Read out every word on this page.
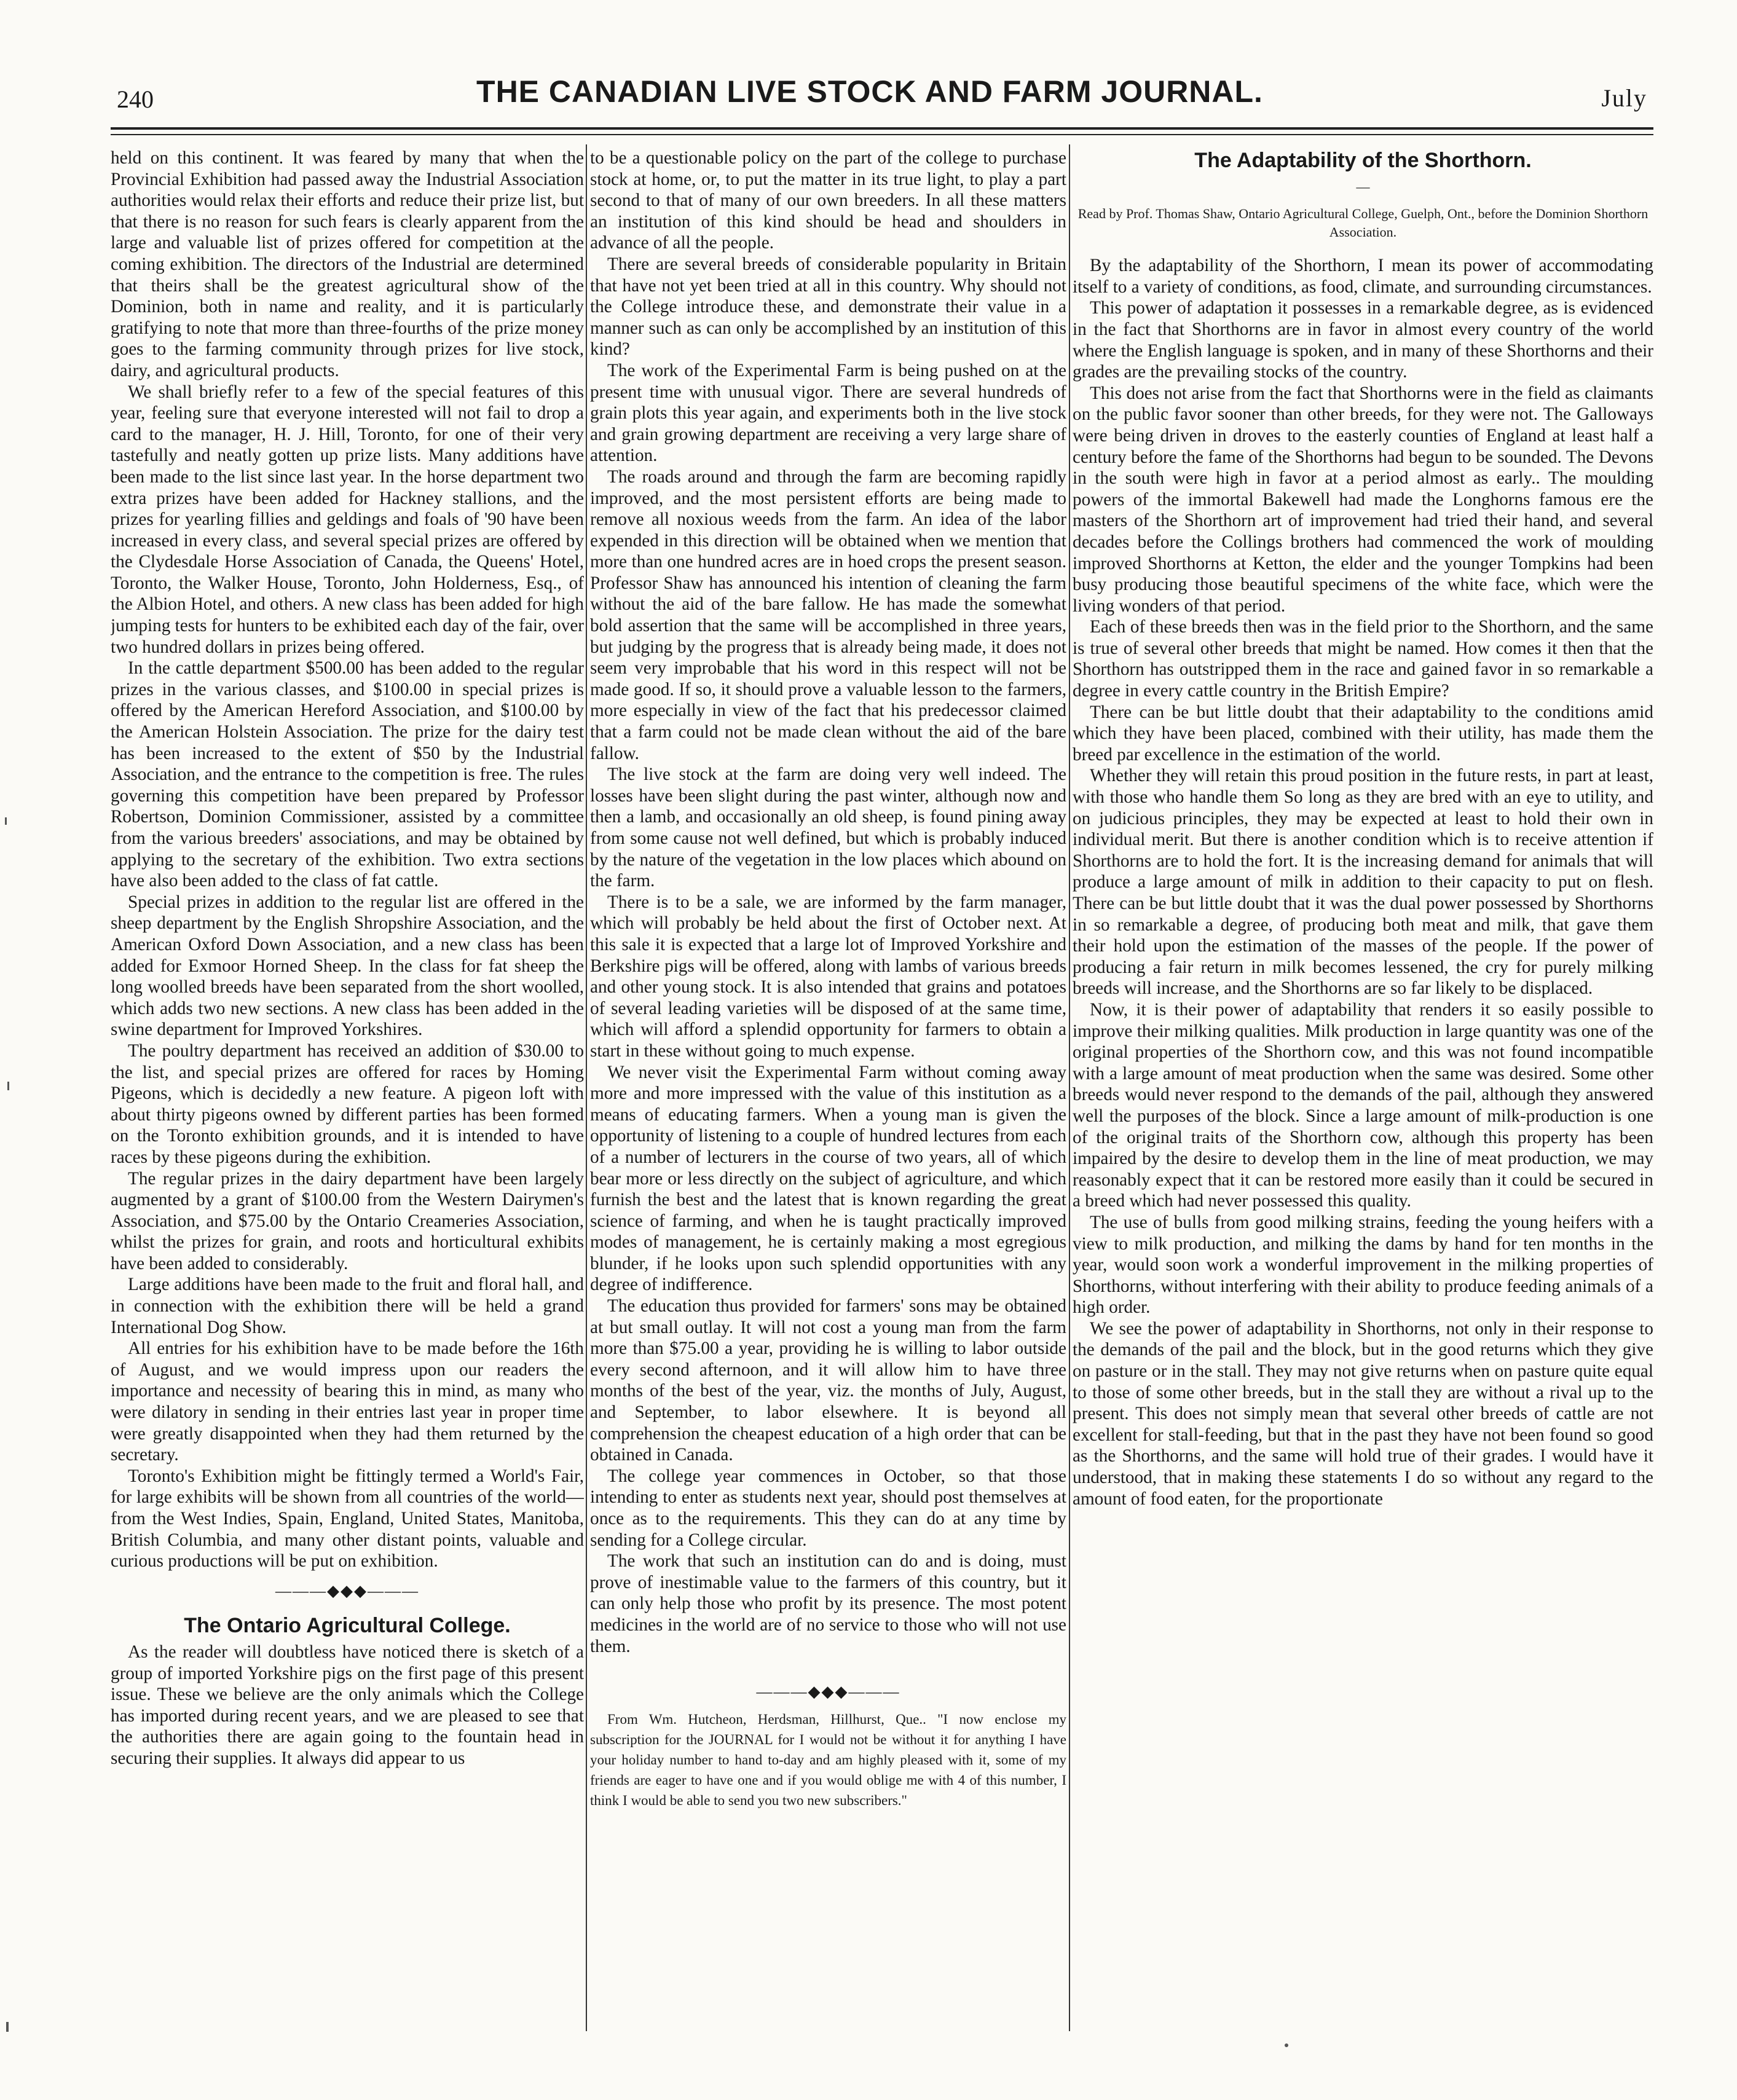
240	THE CANADIAN LIVE STOCK AND FARM JOURNAL.	July

held on this continent. It was feared by many that when the Provincial Exhibition had passed away the Industrial Association authorities would relax their efforts and reduce their prize list, but that there is no reason for such fears is clearly apparent from the large and valuable list of prizes offered for competition at the coming exhibition. The directors of the Industrial are determined that theirs shall be the greatest agricultural show of the Dominion, both in name and reality, and it is particularly gratifying to note that more than three-fourths of the prize money goes to the farming community through prizes for live stock, dairy, and agricultural products.

We shall briefly refer to a few of the special features of this year, feeling sure that everyone interested will not fail to drop a card to the manager, H. J. Hill, Toronto, for one of their very tastefully and neatly gotten up prize lists. Many additions have been made to the list since last year. In the horse department two extra prizes have been added for Hackney stallions, and the prizes for yearling fillies and geldings and foals of '90 have been increased in every class, and several special prizes are offered by the Clydesdale Horse Association of Canada, the Queens' Hotel, Toronto, the Walker House, Toronto, John Holderness, Esq., of the Albion Hotel, and others. A new class has been added for high jumping tests for hunters to be exhibited each day of the fair, over two hundred dollars in prizes being offered.

In the cattle department $500.00 has been added to the regular prizes in the various classes, and $100.00 in special prizes is offered by the American Hereford Association, and $100.00 by the American Holstein Association. The prize for the dairy test has been increased to the extent of $50 by the Industrial Association, and the entrance to the competition is free. The rules governing this competition have been prepared by Professor Robertson, Dominion Commissioner, assisted by a committee from the various breeders' associations, and may be obtained by applying to the secretary of the exhibition. Two extra sections have also been added to the class of fat cattle.

Special prizes in addition to the regular list are offered in the sheep department by the English Shropshire Association, and the American Oxford Down Association, and a new class has been added for Exmoor Horned Sheep. In the class for fat sheep the long woolled breeds have been separated from the short woolled, which adds two new sections. A new class has been added in the swine department for Improved Yorkshires.

The poultry department has received an addition of $30.00 to the list, and special prizes are offered for races by Homing Pigeons, which is decidedly a new feature. A pigeon loft with about thirty pigeons owned by different parties has been formed on the Toronto exhibition grounds, and it is intended to have races by these pigeons during the exhibition.

The regular prizes in the dairy department have been largely augmented by a grant of $100.00 from the Western Dairymen's Association, and $75.00 by the Ontario Creameries Association, whilst the prizes for grain, and roots and horticultural exhibits have been added to considerably.

Large additions have been made to the fruit and floral hall, and in connection with the exhibition there will be held a grand International Dog Show.

All entries for his exhibition have to be made before the 16th of August, and we would impress upon our readers the importance and necessity of bearing this in mind, as many who were dilatory in sending in their entries last year in proper time were greatly disappointed when they had them returned by the secretary.

Toronto's Exhibition might be fittingly termed a World's Fair, for large exhibits will be shown from all countries of the world—from the West Indies, Spain, England, United States, Manitoba, British Columbia, and many other distant points, valuable and curious productions will be put on exhibition.

———◆◆◆———
The Ontario Agricultural College.

As the reader will doubtless have noticed there is sketch of a group of imported Yorkshire pigs on the first page of this present issue. These we believe are the only animals which the College has imported during recent years, and we are pleased to see that the authorities there are again going to the fountain head in securing their supplies. It always did appear to us

to be a questionable policy on the part of the college to purchase stock at home, or, to put the matter in its true light, to play a part second to that of many of our own breeders. In all these matters an institution of this kind should be head and shoulders in advance of all the people.

There are several breeds of considerable popularity in Britain that have not yet been tried at all in this country. Why should not the College introduce these, and demonstrate their value in a manner such as can only be accomplished by an institution of this kind?

The work of the Experimental Farm is being pushed on at the present time with unusual vigor. There are several hundreds of grain plots this year again, and experiments both in the live stock and grain growing department are receiving a very large share of attention.

The roads around and through the farm are becoming rapidly improved, and the most persistent efforts are being made to remove all noxious weeds from the farm. An idea of the labor expended in this direction will be obtained when we mention that more than one hundred acres are in hoed crops the present season. Professor Shaw has announced his intention of cleaning the farm without the aid of the bare fallow. He has made the somewhat bold assertion that the same will be accomplished in three years, but judging by the progress that is already being made, it does not seem very improbable that his word in this respect will not be made good. If so, it should prove a valuable lesson to the farmers, more especially in view of the fact that his predecessor claimed that a farm could not be made clean without the aid of the bare fallow.

The live stock at the farm are doing very well indeed. The losses have been slight during the past winter, although now and then a lamb, and occasionally an old sheep, is found pining away from some cause not well defined, but which is probably induced by the nature of the vegetation in the low places which abound on the farm.

There is to be a sale, we are informed by the farm manager, which will probably be held about the first of October next. At this sale it is expected that a large lot of Improved Yorkshire and Berkshire pigs will be offered, along with lambs of various breeds and other young stock. It is also intended that grains and potatoes of several leading varieties will be disposed of at the same time, which will afford a splendid opportunity for farmers to obtain a start in these without going to much expense.

We never visit the Experimental Farm without coming away more and more impressed with the value of this institution as a means of educating farmers. When a young man is given the opportunity of listening to a couple of hundred lectures from each of a number of lecturers in the course of two years, all of which bear more or less directly on the subject of agriculture, and which furnish the best and the latest that is known regarding the great science of farming, and when he is taught practically improved modes of management, he is certainly making a most egregious blunder, if he looks upon such splendid opportunities with any degree of indifference.

The education thus provided for farmers' sons may be obtained at but small outlay. It will not cost a young man from the farm more than $75.00 a year, providing he is willing to labor outside every second afternoon, and it will allow him to have three months of the best of the year, viz. the months of July, August, and September, to labor elsewhere. It is beyond all comprehension the cheapest education of a high order that can be obtained in Canada.

The college year commences in October, so that those intending to enter as students next year, should post themselves at once as to the requirements. This they can do at any time by sending for a College circular.

The work that such an institution can do and is doing, must prove of inestimable value to the farmers of this country, but it can only help those who profit by its presence. The most potent medicines in the world are of no service to those who will not use them.

———◆◆◆———
From Wm. Hutcheon, Herdsman, Hillhurst, Que.. "I now enclose my subscription for the JOURNAL for I would not be without it for anything I have your holiday number to hand to-day and am highly pleased with it, some of my friends are eager to have one and if you would oblige me with 4 of this number, I think I would be able to send you two new subscribers."
The Adaptability of the Shorthorn.
—
Read by Prof. Thomas Shaw, Ontario Agricultural College, Guelph, Ont., before the Dominion Shorthorn Association.

By the adaptability of the Shorthorn, I mean its power of accommodating itself to a variety of conditions, as food, climate, and surrounding circumstances.

This power of adaptation it possesses in a remarkable degree, as is evidenced in the fact that Shorthorns are in favor in almost every country of the world where the English language is spoken, and in many of these Shorthorns and their grades are the prevailing stocks of the country.

This does not arise from the fact that Shorthorns were in the field as claimants on the public favor sooner than other breeds, for they were not. The Galloways were being driven in droves to the easterly counties of England at least half a century before the fame of the Shorthorns had begun to be sounded. The Devons in the south were high in favor at a period almost as early.. The moulding powers of the immortal Bakewell had made the Longhorns famous ere the masters of the Shorthorn art of improvement had tried their hand, and several decades before the Collings brothers had commenced the work of moulding improved Shorthorns at Ketton, the elder and the younger Tompkins had been busy producing those beautiful specimens of the white face, which were the living wonders of that period.

Each of these breeds then was in the field prior to the Shorthorn, and the same is true of several other breeds that might be named. How comes it then that the Shorthorn has outstripped them in the race and gained favor in so remarkable a degree in every cattle country in the British Empire?

There can be but little doubt that their adaptability to the conditions amid which they have been placed, combined with their utility, has made them the breed par excellence in the estimation of the world.

Whether they will retain this proud position in the future rests, in part at least, with those who handle them So long as they are bred with an eye to utility, and on judicious principles, they may be expected at least to hold their own in individual merit. But there is another condition which is to receive attention if Shorthorns are to hold the fort. It is the increasing demand for animals that will produce a large amount of milk in addition to their capacity to put on flesh. There can be but little doubt that it was the dual power possessed by Shorthorns in so remarkable a degree, of producing both meat and milk, that gave them their hold upon the estimation of the masses of the people. If the power of producing a fair return in milk becomes lessened, the cry for purely milking breeds will increase, and the Shorthorns are so far likely to be displaced.

Now, it is their power of adaptability that renders it so easily possible to improve their milking qualities. Milk production in large quantity was one of the original properties of the Shorthorn cow, and this was not found incompatible with a large amount of meat production when the same was desired. Some other breeds would never respond to the demands of the pail, although they answered well the purposes of the block. Since a large amount of milk-production is one of the original traits of the Shorthorn cow, although this property has been impaired by the desire to develop them in the line of meat production, we may reasonably expect that it can be restored more easily than it could be secured in a breed which had never possessed this quality.

The use of bulls from good milking strains, feeding the young heifers with a view to milk production, and milking the dams by hand for ten months in the year, would soon work a wonderful improvement in the milking properties of Shorthorns, without interfering with their ability to produce feeding animals of a high order.

We see the power of adaptability in Shorthorns, not only in their response to the demands of the pail and the block, but in the good returns which they give on pasture or in the stall. They may not give returns when on pasture quite equal to those of some other breeds, but in the stall they are without a rival up to the present. This does not simply mean that several other breeds of cattle are not excellent for stall-feeding, but that in the past they have not been found so good as the Shorthorns, and the same will hold true of their grades. I would have it understood, that in making these statements I do so without any regard to the amount of food eaten, for the proportionate
